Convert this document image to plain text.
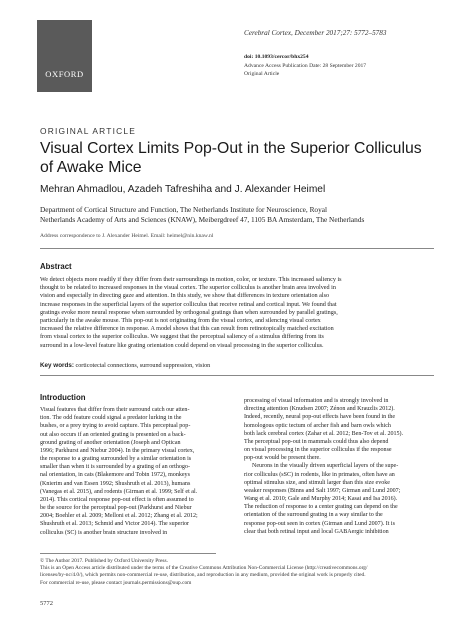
OXFORD
Cerebral Cortex, December 2017;27: 5772–5783
doi: 10.1093/cercor/bhx254
Advance Access Publication Date: 28 September 2017
Original Article
ORIGINAL ARTICLE
Visual Cortex Limits Pop-Out in the Superior Colliculus
of Awake Mice
Mehran Ahmadlou, Azadeh Tafreshiha and J. Alexander Heimel
Department of Cortical Structure and Function, The Netherlands Institute for Neuroscience, Royal
Netherlands Academy of Arts and Sciences (KNAW), Meibergdreef 47, 1105 BA Amsterdam, The Netherlands
Address correspondence to J. Alexander Heimel. Email: heimel@nin.knaw.nl
Abstract
We detect objects more readily if they differ from their surroundings in motion, color, or texture. This increased saliency is
thought to be related to increased responses in the visual cortex. The superior colliculus is another brain area involved in
vision and especially in directing gaze and attention. In this study, we show that differences in texture orientation also
increase responses in the superficial layers of the superior colliculus that receive retinal and cortical input. We found that
gratings evoke more neural response when surrounded by orthogonal gratings than when surrounded by parallel gratings,
particularly in the awake mouse. This pop-out is not originating from the visual cortex, and silencing visual cortex
increased the relative difference in response. A model shows that this can result from retinotopically matched excitation
from visual cortex to the superior colliculus. We suggest that the perceptual saliency of a stimulus differing from its
surround in a low-level feature like grating orientation could depend on visual processing in the superior colliculus.
Key words: corticotectal connections, surround suppression, vision
Introduction
Visual features that differ from their surround catch our atten-
tion. The odd feature could signal a predator lurking in the
bushes, or a prey trying to avoid capture. This perceptual pop-
out also occurs if an oriented grating is presented on a back-
ground grating of another orientation (Joseph and Optican
1996; Parkhurst and Niebur 2004). In the primary visual cortex,
the response to a grating surrounded by a similar orientation is
smaller than when it is surrounded by a grating of an orthogo-
nal orientation, in cats (Blakemore and Tobin 1972), monkeys
(Knierim and van Essen 1992; Shushruth et al. 2013), humans
(Vanegas et al. 2015), and rodents (Girman et al. 1999; Self et al.
2014). This cortical response pop-out effect is often assumed to
be the source for the perceptual pop-out (Parkhurst and Niebur
2004; Boehler et al. 2009; Melloni et al. 2012; Zhang et al. 2012;
Shushruth et al. 2013; Schmid and Victor 2014). The superior
colliculus (SC) is another brain structure involved in
processing of visual information and is strongly involved in
directing attention (Knudsen 2007; Zénon and Krauzlis 2012).
Indeed, recently, neural pop-out effects have been found in the
homologous optic tectum of archer fish and barn owls which
both lack cerebral cortex (Zahar et al. 2012; Ben-Tov et al. 2015).
The perceptual pop-out in mammals could thus also depend
on visual processing in the superior colliculus if the response
pop-out would be present there.
Neurons in the visually driven superficial layers of the supe-
rior colliculus (sSC) in rodents, like in primates, often have an
optimal stimulus size, and stimuli larger than this size evoke
weaker responses (Binns and Salt 1997; Girman and Lund 2007;
Wang et al. 2010; Gale and Murphy 2014; Kasai and Isa 2016).
The reduction of response to a center grating can depend on the
orientation of the surround grating in a way similar to the
response pop-out seen in cortex (Girman and Lund 2007). It is
clear that both retinal input and local GABAergic inhibition
© The Author 2017. Published by Oxford University Press.
This is an Open Access article distributed under the terms of the Creative Commons Attribution Non-Commercial License (http://creativecommons.org/
licenses/by-nc/4.0/), which permits non-commercial re-use, distribution, and reproduction in any medium, provided the original work is properly cited.
For commercial re-use, please contact journals.permissions@oup.com
5772
